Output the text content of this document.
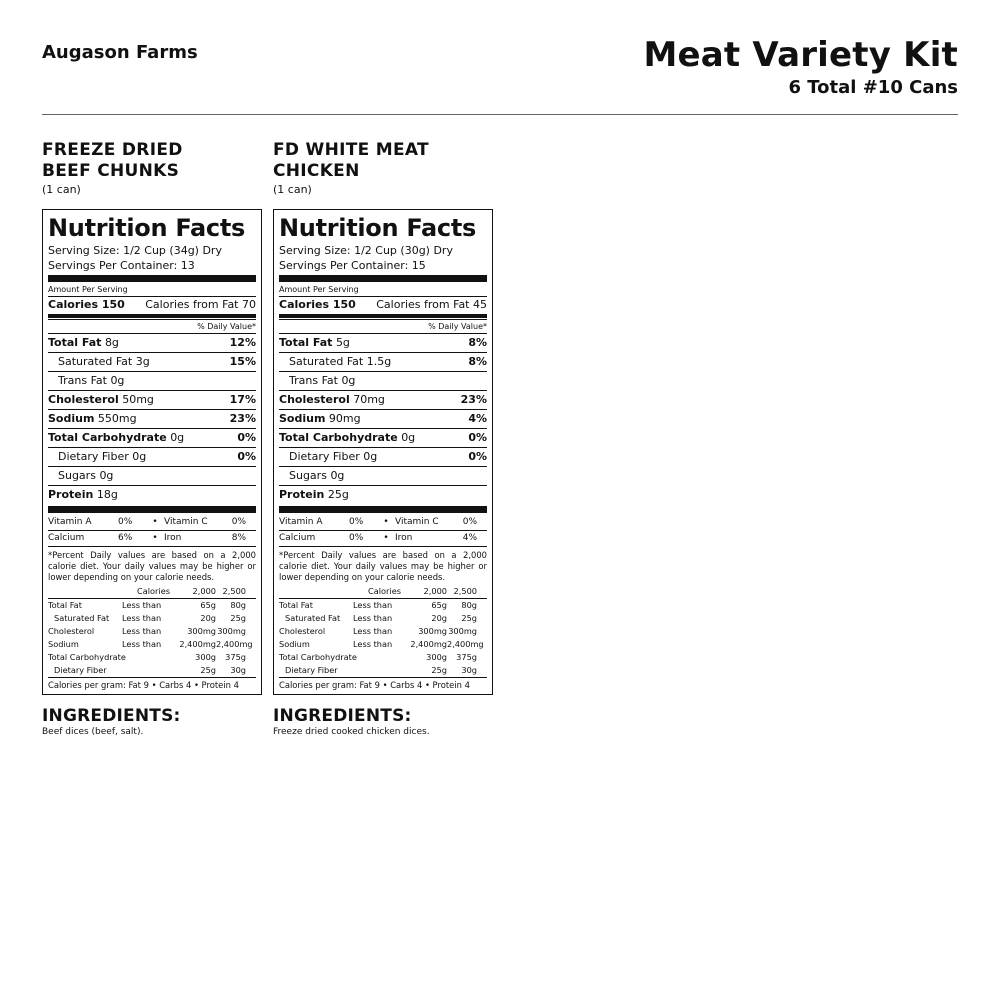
Augason Farms	Meat Variety Kit
6 Total #10 Cans
FREEZE DRIED
BEEF CHUNKS
(1 can)
Nutrition Facts
Serving Size: 1/2 Cup (34g) Dry
Servings Per Container: 13
Amount Per Serving
Calories 150 Calories from Fat 70
% Daily Value*
Total Fat 8g	12%
Saturated Fat 3g	15%
Trans Fat 0g
Cholesterol 50mg	17%
Sodium 550mg	23%
Total Carbohydrate 0g	0%
Dietary Fiber 0g	0%
Sugars 0g
Protein 18g
Vitamin A	0%	• Vitamin C	0%
Calcium	6%	• Iron	8%
*Percent Daily values are based on a 2,000 calorie diet. Your daily values may be higher or lower depending on your calorie needs.
Calories	2,000 2,500
Total Fat	Less than	65g	80g
Saturated Fat	Less than	20g	25g
Cholesterol	Less than	300mg 300mg
Sodium	Less than	2,400mg 2,400mg
Total Carbohydrate	300g	375g
Dietary Fiber	25g	30g
Calories per gram: Fat 9 • Carbs 4 • Protein 4
FD WHITE MEAT
CHICKEN
(1 can)
Nutrition Facts
Serving Size: 1/2 Cup (30g) Dry
Servings Per Container: 15
Amount Per Serving
Calories 150 Calories from Fat 45
% Daily Value*
Total Fat 5g	8%
Saturated Fat 1.5g	8%
Trans Fat 0g
Cholesterol 70mg	23%
Sodium 90mg	4%
Total Carbohydrate 0g	0%
Dietary Fiber 0g	0%
Sugars 0g
Protein 25g
Vitamin A	0%	• Vitamin C	0%
Calcium	0%	• Iron	4%
*Percent Daily values are based on a 2,000 calorie diet. Your daily values may be higher or lower depending on your calorie needs.
Calories	2,000 2,500
Total Fat	Less than	65g	80g
Saturated Fat	Less than	20g	25g
Cholesterol	Less than	300mg 300mg
Sodium	Less than	2,400mg 2,400mg
Total Carbohydrate	300g	375g
Dietary Fiber	25g	30g
Calories per gram: Fat 9 • Carbs 4 • Protein 4
INGREDIENTS:
Beef dices (beef, salt).
INGREDIENTS:
Freeze dried cooked chicken dices.
